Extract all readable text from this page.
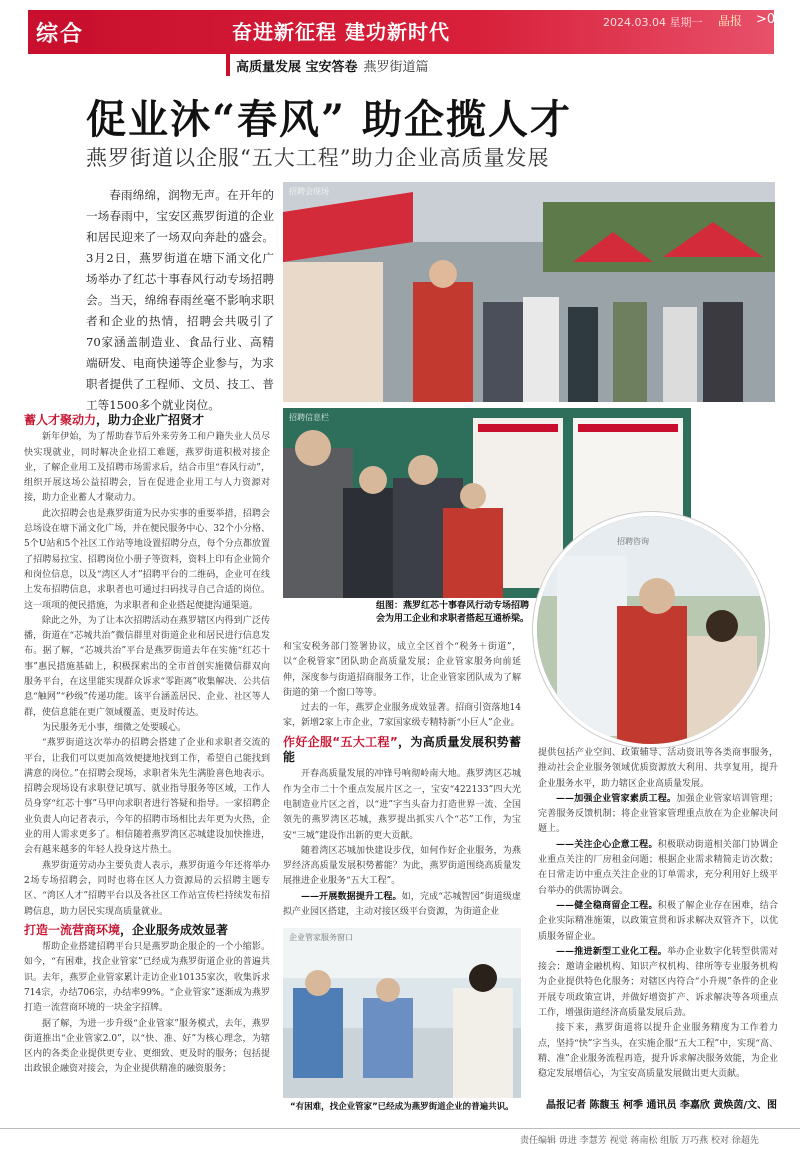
综合	奋进新征程 建功新时代	2024.03.04 星期一 晶报 >06
高质量发展 宝安答卷 燕罗街道篇
促业沐“春风” 助企揽人才
燕罗街道以企服“五大工程”助力企业高质量发展
春雨绵绵，润物无声。在开年的一场春雨中，宝安区燕罗街道的企业和居民迎来了一场双向奔赴的盛会。3月2日，燕罗街道在塘下涌文化广场举办了红芯十事春风行动专场招聘会。当天，绵绵春雨丝毫不影响求职者和企业的热情，招聘会共吸引了70家涵盖制造业、食品行业、高精端研发、电商快递等企业参与，为求职者提供了工程师、文员、技工、普工等1500多个就业岗位。
招聘会现场
招聘信息栏
招聘咨询
组图：燕罗红芯十事春风行动专场招聘会为用工企业和求职者搭起互通桥梁。
蓄人才聚动力，助力企业广招贤才

新年伊始，为了帮助春节后外来劳务工和户籍失业人员尽快实现就业，同时解决企业招工难题，燕罗街道积极对接企业，了解企业用工及招聘市场需求后，结合市里“春风行动”，组织开展这场公益招聘会，旨在促进企业用工与人力资源对接，助力企业蓄人才聚动力。

此次招聘会也是燕罗街道为民办实事的重要举措，招聘会总场设在塘下涌文化广场，并在便民服务中心、32个小分格、5个U站和5个社区工作站等地设置招聘分点，每个分点都放置了招聘易拉宝、招聘岗位小册子等资料，资料上印有企业简介和岗位信息，以及“湾区人才”招聘平台的二维码，企业可在线上发布招聘信息，求职者也可通过扫码找寻自己合适的岗位。这一项项的便民措施，为求职者和企业搭起便捷沟通渠道。

除此之外，为了让本次招聘活动在燕罗辖区内得到广泛传播，街道在“芯城共治”微信群里对街道企业和居民进行信息发布。据了解，“芯城共治”平台是燕罗街道去年在实施“红芯十事”惠民措施基础上，积极探索出的全市首创实施微信群双向服务平台，在这里能实现群众诉求“零距离”收集解决、公共信息“触网”“秒级”传递功能。该平台涵盖居民、企业、社区等人群，使信息能在更广领域覆盖、更及时传达。

为民服务无小事，细微之处要暖心。

“燕罗街道这次举办的招聘会搭建了企业和求职者交流的平台，让我们可以更加高效便捷地找到工作，希望自己能找到满意的岗位。”在招聘会现场，求职者朱先生满脸喜色地表示。招聘会现场设有求职登记填写、就业指导服务等区域，工作人员身穿“红芯十事”马甲向求职者进行答疑和指导。一家招聘企业负责人向记者表示，今年的招聘市场相比去年更为火热，企业的用人需求更多了。相信随着燕罗湾区芯城建设加快推进，会有越来越多的年轻人投身这片热土。

燕罗街道劳动办主要负责人表示，燕罗街道今年还将举办2场专场招聘会，同时也将在区人力资源局的云招聘主题专区、“湾区人才”招聘平台以及各社区工作站宣传栏持续发布招聘信息，助力居民实现高质量就业。

打造一流营商环境，企业服务成效显著

帮助企业搭建招聘平台只是燕罗助企服企的一个小缩影。如今，“有困难，找企业管家”已经成为燕罗街道企业的普遍共识。去年，燕罗企业管家累计走访企业10135家次，收集诉求714宗，办结706宗，办结率99%。“企业管家”逐渐成为燕罗打造一流营商环境的一块金字招牌。

据了解，为进一步升级“企业管家”服务模式，去年，燕罗街道推出“企业管家2.0”，以“快、准、好”为核心理念，为辖区内的各类企业提供更专业、更细致、更及时的服务；包括提出政银企融资对接会，为企业提供精准的融资服务；

和宝安税务部门签署协议，成立全区首个“税务＋街道”，以“企税管家”团队助企高质量发展；企业管家服务向前延伸，深度参与街道招商服务工作，让企业管家团队成为了解街道的第一个窗口等等。

过去的一年，燕罗企业服务成效显著。招商引资落地14家，新增2家上市企业，7家国家级专精特新“小巨人”企业。

作好企服“五大工程”，为高质量发展积势蓄能

开春高质量发展的冲锋号响彻岭南大地。燕罗湾区芯城作为全市二十个重点发展片区之一，宝安“422133”四大光电制造业片区之首，以“进”字当头奋力打造世界一流、全国领先的燕罗湾区芯城，燕罗提出抓实八个“芯”工作，为宝安“三城”建设作出新的更大贡献。

随着湾区芯城加快建设步伐，如何作好企业服务，为燕罗经济高质量发展积势蓄能？为此，燕罗街道围绕高质量发展推进企业服务“五大工程”。

——开展数据提升工程。如，完成“芯城智园”街道级虚拟产业园区搭建，主动对接区级平台资源，为街道企业

企业管家服务窗口
“有困难，找企业管家”已经成为燕罗街道企业的普遍共识。

提供包括产业空间、政策辅导、活动资讯等各类商事服务，推动社会企业服务领域优质资源放大利用、共享复用，提升企业服务水平，助力辖区企业高质量发展。

——加强企业管家素质工程。加强企业管家培训管理；完善服务反馈机制；将企业管家管理重点放在为企业解决问题上。

——关注企心企意工程。积极联动街道相关部门协调企业重点关注的厂房租金问题；根据企业需求精简走访次数；在日常走访中重点关注企业的订单需求，充分利用好上级平台举办的供需协调会。

——健全稳商留企工程。积极了解企业存在困难，结合企业实际精准施策，以政策宣贯和诉求解决双管齐下，以优质服务留企业。

——推进新型工业化工程。举办企业数字化转型供需对接会；邀请金融机构、知识产权机构、律所等专业服务机构为企业提供特色化服务；对辖区内符合“小升规”条件的企业开展专项政策宣讲，并做好增资扩产、诉求解决等各项重点工作，增强街道经济高质量发展后劲。

接下来，燕罗街道将以提升企业服务精度为工作着力点，坚持“快”字当头，在实施企服“五大工程”中，实现“高、精、准”企业服务流程再造，提升诉求解决服务效能，为企业稳定发展增信心，为宝安高质量发展做出更大贡献。

晶报记者 陈馥玉 柯季 通讯员 李嘉欣 黄焕茵/文、图
责任编辑 毋进 李慧芳 视觉 蒋南松 组版 万巧燕 校对 徐超先
